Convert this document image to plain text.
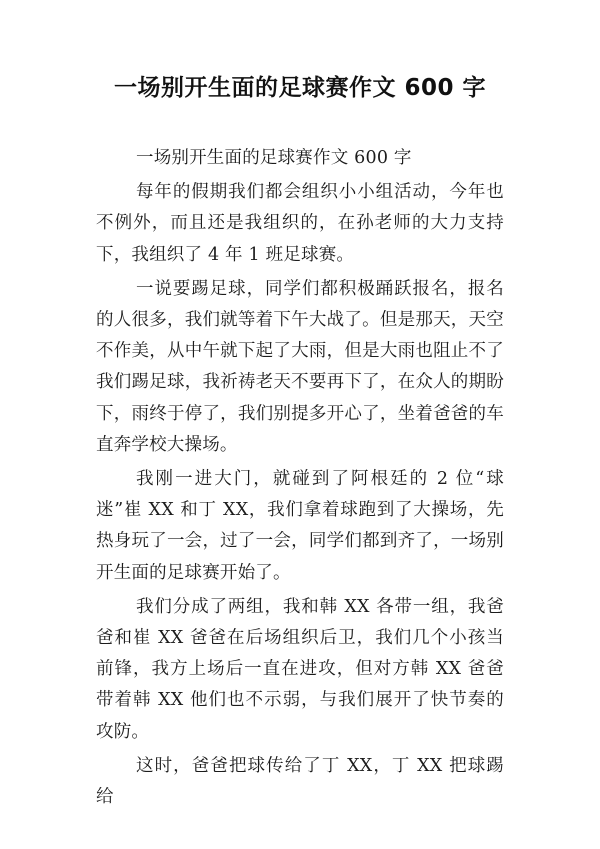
一场别开生面的足球赛作文 600 字

一场别开生面的足球赛作文 600 字

每年的假期我们都会组织小小组活动，今年也不例外，而且还是我组织的，在孙老师的大力支持下，我组织了 4 年 1 班足球赛。

一说要踢足球，同学们都积极踊跃报名，报名的人很多，我们就等着下午大战了。但是那天，天空不作美，从中午就下起了大雨，但是大雨也阻止不了我们踢足球，我祈祷老天不要再下了，在众人的期盼下，雨终于停了，我们别提多开心了，坐着爸爸的车直奔学校大操场。

我刚一进大门，就碰到了阿根廷的 2 位“球迷”崔 XX 和丁 XX，我们拿着球跑到了大操场，先热身玩了一会，过了一会，同学们都到齐了，一场别开生面的足球赛开始了。

我们分成了两组，我和韩 XX 各带一组，我爸爸和崔 XX 爸爸在后场组织后卫，我们几个小孩当前锋，我方上场后一直在进攻，但对方韩 XX 爸爸带着韩 XX 他们也不示弱，与我们展开了快节奏的攻防。

这时，爸爸把球传给了丁 XX，丁 XX 把球踢给
